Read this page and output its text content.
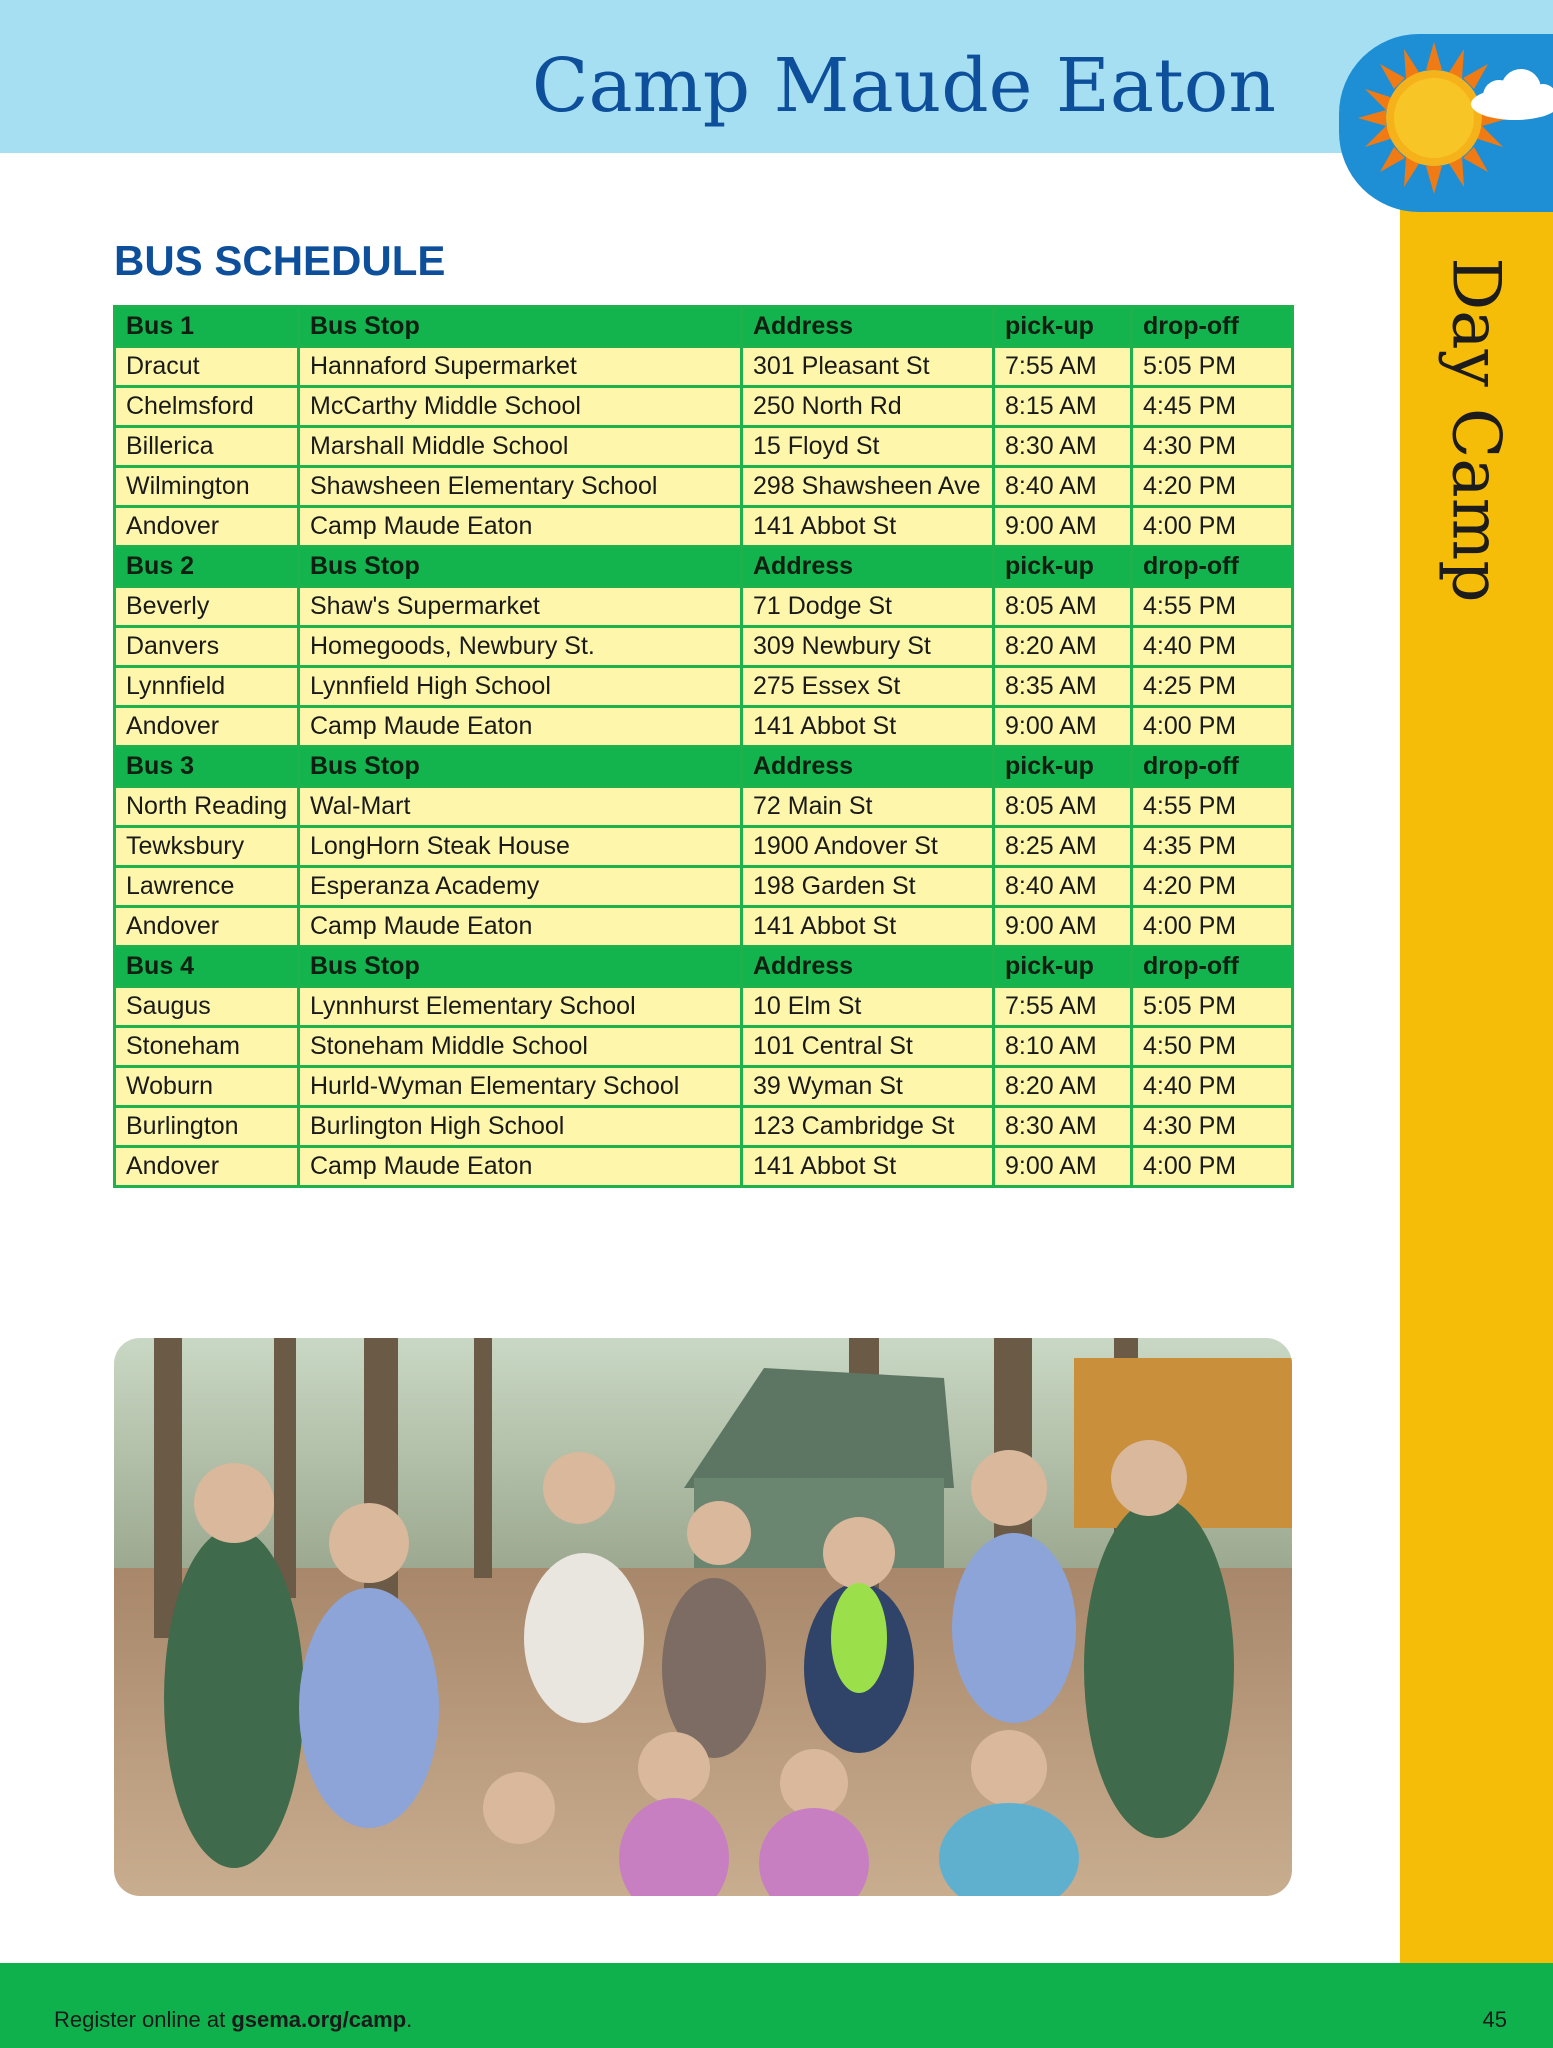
Camp Maude Eaton
Day Camp
BUS SCHEDULE
Bus 1	Bus Stop	Address	pick-up	drop-off
Dracut	Hannaford Supermarket	301 Pleasant St	7:55 AM	5:05 PM
Chelmsford	McCarthy Middle School	250 North Rd	8:15 AM	4:45 PM
Billerica	Marshall Middle School	15 Floyd St	8:30 AM	4:30 PM
Wilmington	Shawsheen Elementary School	298 Shawsheen Ave	8:40 AM	4:20 PM
Andover	Camp Maude Eaton	141 Abbot St	9:00 AM	4:00 PM
Bus 2	Bus Stop	Address	pick-up	drop-off
Beverly	Shaw's Supermarket	71 Dodge St	8:05 AM	4:55 PM
Danvers	Homegoods, Newbury St.	309 Newbury St	8:20 AM	4:40 PM
Lynnfield	Lynnfield High School	275 Essex St	8:35 AM	4:25 PM
Andover	Camp Maude Eaton	141 Abbot St	9:00 AM	4:00 PM
Bus 3	Bus Stop	Address	pick-up	drop-off
North Reading	Wal-Mart	72 Main St	8:05 AM	4:55 PM
Tewksbury	LongHorn Steak House	1900 Andover St	8:25 AM	4:35 PM
Lawrence	Esperanza Academy	198 Garden St	8:40 AM	4:20 PM
Andover	Camp Maude Eaton	141 Abbot St	9:00 AM	4:00 PM
Bus 4	Bus Stop	Address	pick-up	drop-off
Saugus	Lynnhurst Elementary School	10 Elm St	7:55 AM	5:05 PM
Stoneham	Stoneham Middle School	101 Central St	8:10 AM	4:50 PM
Woburn	Hurld-Wyman Elementary School	39 Wyman St	8:20 AM	4:40 PM
Burlington	Burlington High School	123 Cambridge St	8:30 AM	4:30 PM
Andover	Camp Maude Eaton	141 Abbot St	9:00 AM	4:00 PM
Register online at gsema.org/camp.	45
